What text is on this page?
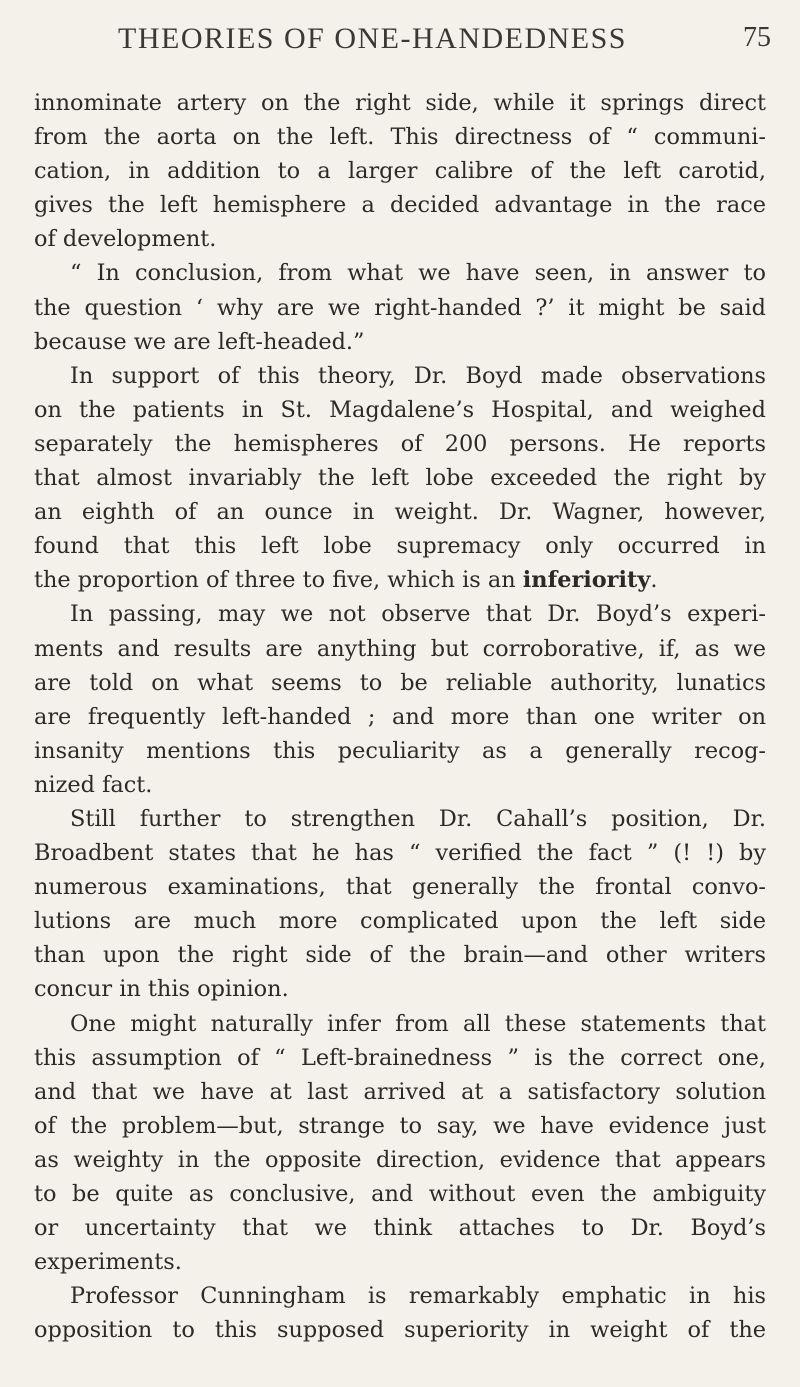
THEORIES OF ONE-HANDEDNESS	75
innominate artery on the right side, while it springs direct
from the aorta on the left. This directness of “ communi-
cation, in addition to a larger calibre of the left carotid,
gives the left hemisphere a decided advantage in the race
of development.
“ In conclusion, from what we have seen, in answer to
the question ‘ why are we right-handed ?’ it might be said
because we are left-headed.”
In support of this theory, Dr. Boyd made observations
on the patients in St. Magdalene’s Hospital, and weighed
separately the hemispheres of 200 persons. He reports
that almost invariably the left lobe exceeded the right by
an eighth of an ounce in weight. Dr. Wagner, however,
found that this left lobe supremacy only occurred in
the proportion of three to five, which is an inferiority.
In passing, may we not observe that Dr. Boyd’s experi-
ments and results are anything but corroborative, if, as we
are told on what seems to be reliable authority, lunatics
are frequently left-handed ; and more than one writer on
insanity mentions this peculiarity as a generally recog-
nized fact.
Still further to strengthen Dr. Cahall’s position, Dr.
Broadbent states that he has “ verified the fact ” (! !) by
numerous examinations, that generally the frontal convo-
lutions are much more complicated upon the left side
than upon the right side of the brain—and other writers
concur in this opinion.
One might naturally infer from all these statements that
this assumption of “ Left-brainedness ” is the correct one,
and that we have at last arrived at a satisfactory solution
of the problem—but, strange to say, we have evidence just
as weighty in the opposite direction, evidence that appears
to be quite as conclusive, and without even the ambiguity
or uncertainty that we think attaches to Dr. Boyd’s
experiments.
Professor Cunningham is remarkably emphatic in his
opposition to this supposed superiority in weight of the
